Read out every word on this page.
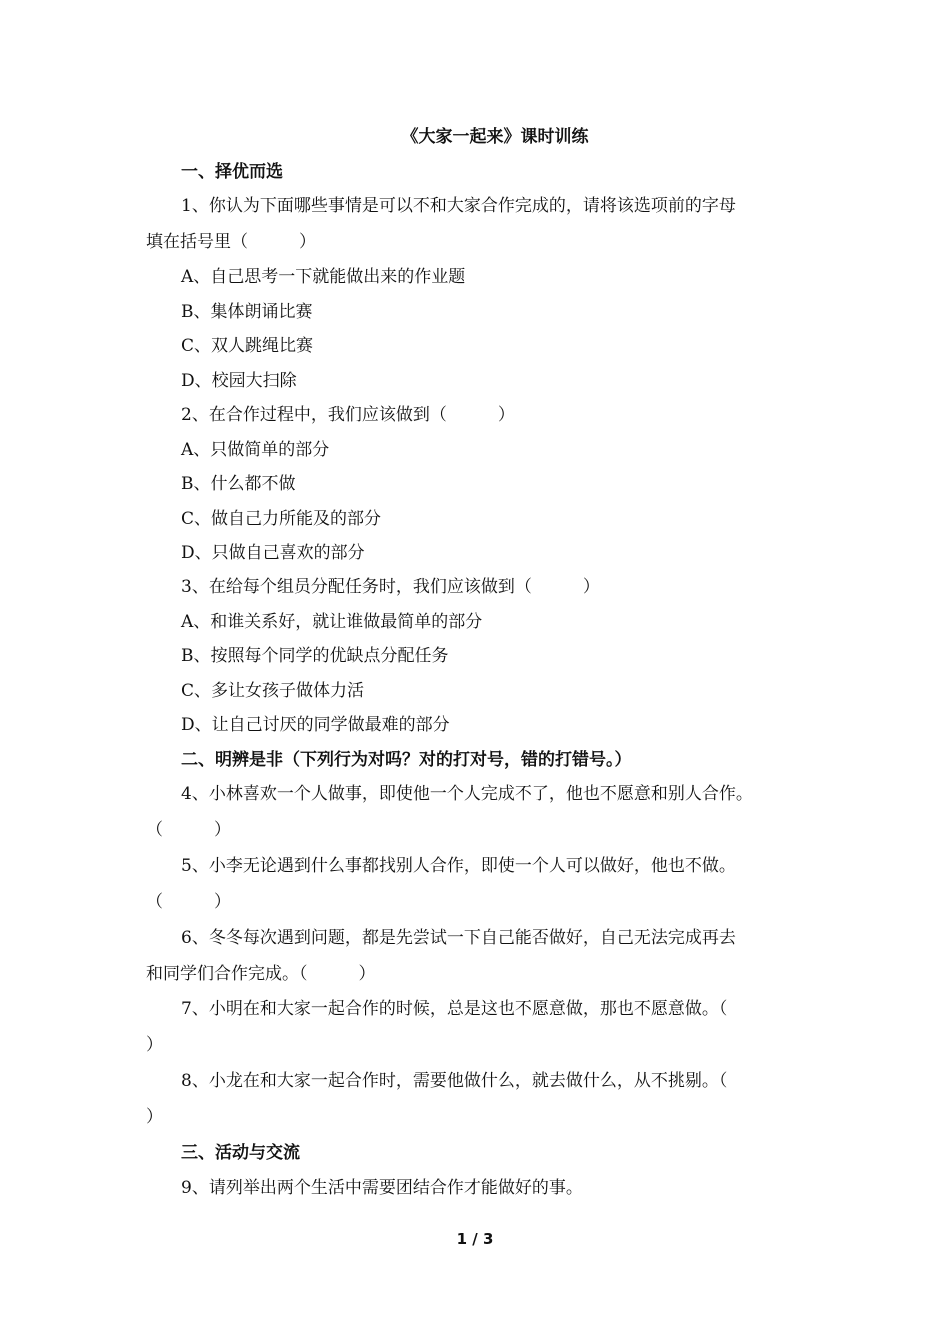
《大家一起来》课时训练
一、择优而选
1、你认为下面哪些事情是可以不和大家合作完成的，请将该选项前的字母
填在括号里（　　　）
A、自己思考一下就能做出来的作业题
B、集体朗诵比赛
C、双人跳绳比赛
D、校园大扫除
2、在合作过程中，我们应该做到（　　　）
A、只做简单的部分
B、什么都不做
C、做自己力所能及的部分
D、只做自己喜欢的部分
3、在给每个组员分配任务时，我们应该做到（　　　）
A、和谁关系好，就让谁做最简单的部分
B、按照每个同学的优缺点分配任务
C、多让女孩子做体力活
D、让自己讨厌的同学做最难的部分
二、明辨是非（下列行为对吗？对的打对号，错的打错号。）
4、小林喜欢一个人做事，即使他一个人完成不了，他也不愿意和别人合作。
（　　　）
5、小李无论遇到什么事都找别人合作，即使一个人可以做好，他也不做。
（　　　）
6、冬冬每次遇到问题，都是先尝试一下自己能否做好，自己无法完成再去
和同学们合作完成。（　　　）
7、小明在和大家一起合作的时候，总是这也不愿意做，那也不愿意做。（
）
8、小龙在和大家一起合作时，需要他做什么，就去做什么，从不挑剔。（
）
三、活动与交流
9、请列举出两个生活中需要团结合作才能做好的事。
1 / 3
